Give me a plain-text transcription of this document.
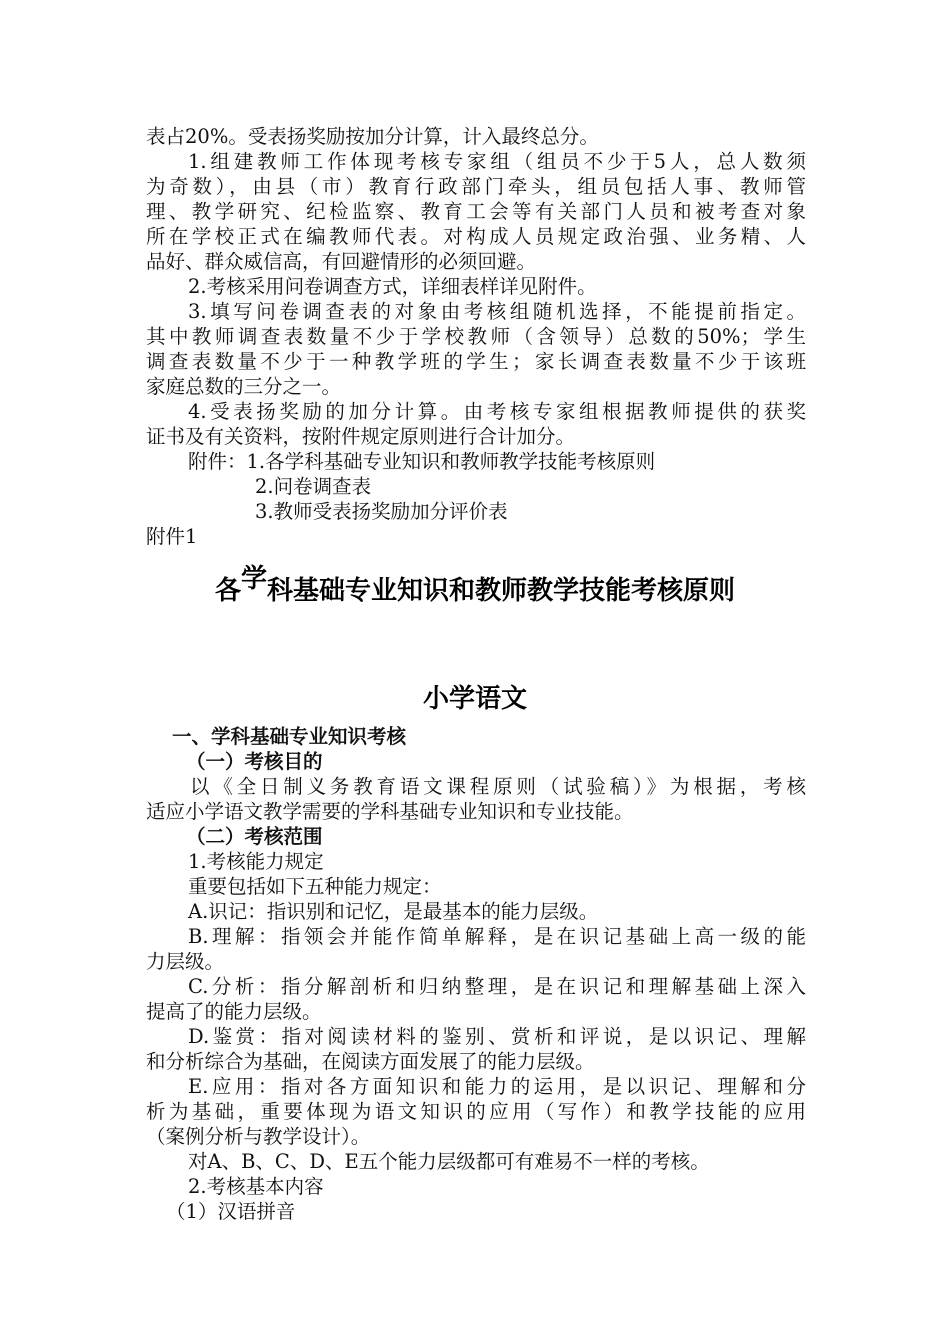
表占20%。受表扬奖励按加分计算，计入最终总分。
1.组建教师工作体现考核专家组（组员不少于5人，总人数须
为奇数），由县（市）教育行政部门牵头，组员包括人事、教师管
理、教学研究、纪检监察、教育工会等有关部门人员和被考查对象
所在学校正式在编教师代表。对构成人员规定政治强、业务精、人
品好、群众威信高，有回避情形的必须回避。
2.考核采用问卷调查方式，详细表样详见附件。
3.填写问卷调查表的对象由考核组随机选择，不能提前指定。
其中教师调查表数量不少于学校教师（含领导）总数的50%；学生
调查表数量不少于一种教学班的学生；家长调查表数量不少于该班
家庭总数的三分之一。
4.受表扬奖励的加分计算。由考核专家组根据教师提供的获奖
证书及有关资料，按附件规定原则进行合计加分。
附件：1.各学科基础专业知识和教师教学技能考核原则
2.问卷调查表
3.教师受表扬奖励加分评价表
附件1
各学科基础专业知识和教师教学技能考核原则
小学语文
一、学科基础专业知识考核
（一）考核目的
以《全日制义务教育语文课程原则（试验稿）》为根据，考核
适应小学语文教学需要的学科基础专业知识和专业技能。
（二）考核范围
1.考核能力规定
重要包括如下五种能力规定：
A.识记：指识别和记忆，是最基本的能力层级。
B.理解：指领会并能作简单解释，是在识记基础上高一级的能
力层级。
C.分析：指分解剖析和归纳整理，是在识记和理解基础上深入
提高了的能力层级。
D.鉴赏：指对阅读材料的鉴别、赏析和评说，是以识记、理解
和分析综合为基础，在阅读方面发展了的能力层级。
E.应用：指对各方面知识和能力的运用，是以识记、理解和分
析为基础，重要体现为语文知识的应用（写作）和教学技能的应用
（案例分析与教学设计）。
对A、B、C、D、E五个能力层级都可有难易不一样的考核。
2.考核基本内容
（1）汉语拼音
